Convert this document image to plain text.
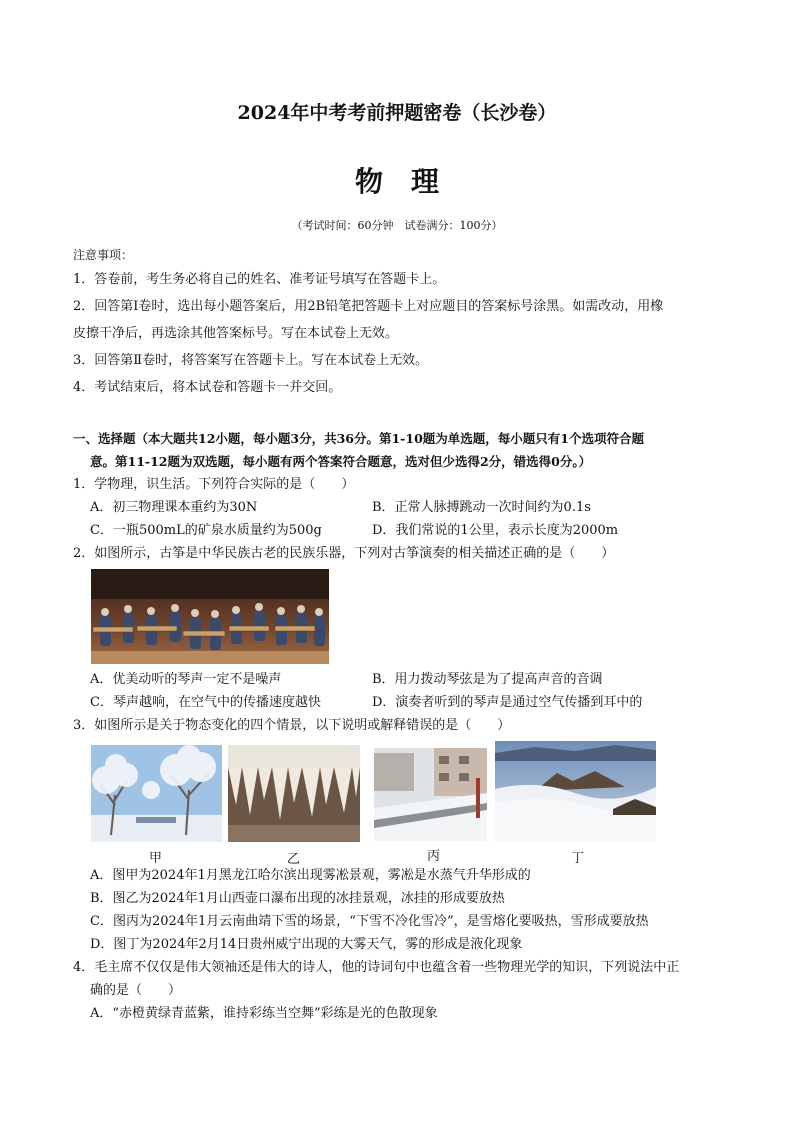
2024年中考考前押题密卷（长沙卷）
物 理
（考试时间：60分钟　试卷满分：100分）
注意事项：
1．答卷前，考生务必将自己的姓名、准考证号填写在答题卡上。
2．回答第Ⅰ卷时，选出每小题答案后，用2B铅笔把答题卡上对应题目的答案标号涂黑。如需改动，用橡
皮擦干净后，再选涂其他答案标号。写在本试卷上无效。
3．回答第Ⅱ卷时，将答案写在答题卡上。写在本试卷上无效。
4．考试结束后，将本试卷和答题卡一并交回。
一、选择题（本大题共12小题，每小题3分，共36分。第1-10题为单选题，每小题只有1个选项符合题
意。第11-12题为双选题，每小题有两个答案符合题意，选对但少选得2分，错选得0分。）
1．学物理，识生活。下列符合实际的是（　　）
A．初三物理课本重约为30N	B．正常人脉搏跳动一次时间约为0.1s
C．一瓶500mL的矿泉水质量约为500g	D．我们常说的1公里，表示长度为2000m
2．如图所示，古筝是中华民族古老的民族乐器，下列对古筝演奏的相关描述正确的是（　　）
A．优美动听的琴声一定不是噪声	B．用力拨动琴弦是为了提高声音的音调
C．琴声越响，在空气中的传播速度越快	D．演奏者听到的琴声是通过空气传播到耳中的
3．如图所示是关于物态变化的四个情景，以下说明或解释错误的是（　　）
甲	乙	丙	丁
A．图甲为2024年1月黑龙江哈尔滨出现雾凇景观，雾凇是水蒸气升华形成的
B．图乙为2024年1月山西壶口瀑布出现的冰挂景观，冰挂的形成要放热
C．图丙为2024年1月云南曲靖下雪的场景，“下雪不冷化雪冷”，是雪熔化要吸热，雪形成要放热
D．图丁为2024年2月14日贵州威宁出现的大雾天气，雾的形成是液化现象
4．毛主席不仅仅是伟大领袖还是伟大的诗人，他的诗词句中也蕴含着一些物理光学的知识，下列说法中正
确的是（　　）
A．“赤橙黄绿青蓝紫，谁持彩练当空舞”彩练是光的色散现象
